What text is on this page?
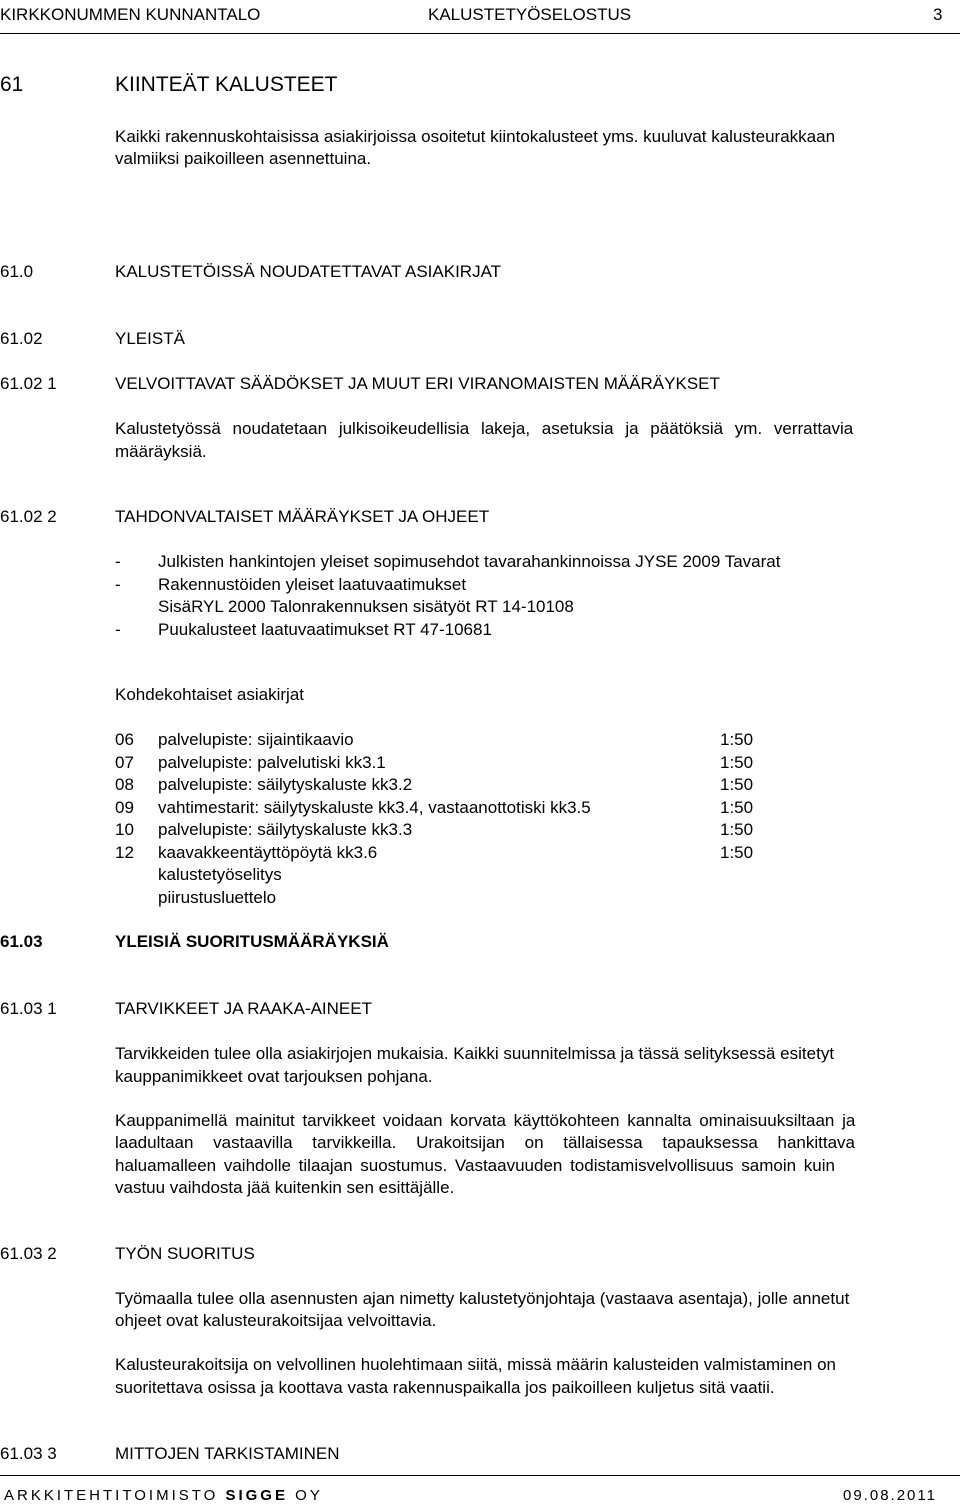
KIRKKONUMMEN KUNNANTALO	KALUSTETYÖSELOSTUS	3
61	KIINTEÄT KALUSTEET
Kaikki rakennuskohtaisissa asiakirjoissa osoitetut kiintokalusteet yms. kuuluvat kalusteurakkaan
valmiiksi paikoilleen asennettuina.
61.0	KALUSTETÖISSÄ NOUDATETTAVAT ASIAKIRJAT
61.02	YLEISTÄ
61.02 1	VELVOITTAVAT SÄÄDÖKSET JA MUUT ERI VIRANOMAISTEN MÄÄRÄYKSET
Kalustetyössä noudatetaan julkisoikeudellisia lakeja, asetuksia ja päätöksiä ym. verrattavia
määräyksiä.
61.02 2	TAHDONVALTAISET MÄÄRÄYKSET JA OHJEET
- Julkisten hankintojen yleiset sopimusehdot tavarahankinnoissa JYSE 2009 Tavarat
- Rakennustöiden yleiset laatuvaatimukset
SisäRYL 2000 Talonrakennuksen sisätyöt RT 14-10108
- Puukalusteet laatuvaatimukset RT 47-10681
Kohdekohtaiset asiakirjat
06 palvelupiste: sijaintikaavio	1:50
07 palvelupiste: palvelutiski kk3.1	1:50
08 palvelupiste: säilytyskaluste kk3.2	1:50
09 vahtimestarit: säilytyskaluste kk3.4, vastaanottotiski kk3.5	1:50
10 palvelupiste: säilytyskaluste kk3.3	1:50
12 kaavakkeentäyttöpöytä kk3.6	1:50
kalustetyöselitys
piirustusluettelo
61.03	YLEISIÄ SUORITUSMÄÄRÄYKSIÄ
61.03 1	TARVIKKEET JA RAAKA-AINEET
Tarvikkeiden tulee olla asiakirjojen mukaisia. Kaikki suunnitelmissa ja tässä selityksessä esitetyt
kauppanimikkeet ovat tarjouksen pohjana.
Kauppanimellä mainitut tarvikkeet voidaan korvata käyttökohteen kannalta ominaisuuksiltaan ja
laadultaan vastaavilla tarvikkeilla. Urakoitsijan on tällaisessa tapauksessa hankittava
haluamalleen vaihdolle tilaajan suostumus. Vastaavuuden todistamisvelvollisuus samoin kuin
vastuu vaihdosta jää kuitenkin sen esittäjälle.
61.03 2	TYÖN SUORITUS
Työmaalla tulee olla asennusten ajan nimetty kalustetyönjohtaja (vastaava asentaja), jolle annetut
ohjeet ovat kalusteurakoitsijaa velvoittavia.
Kalusteurakoitsija on velvollinen huolehtimaan siitä, missä määrin kalusteiden valmistaminen on
suoritettava osissa ja koottava vasta rakennuspaikalla jos paikoilleen kuljetus sitä vaatii.
61.03 3	MITTOJEN TARKISTAMINEN
ARKKITEHTITOIMISTO SIGGE OY	09.08.2011
